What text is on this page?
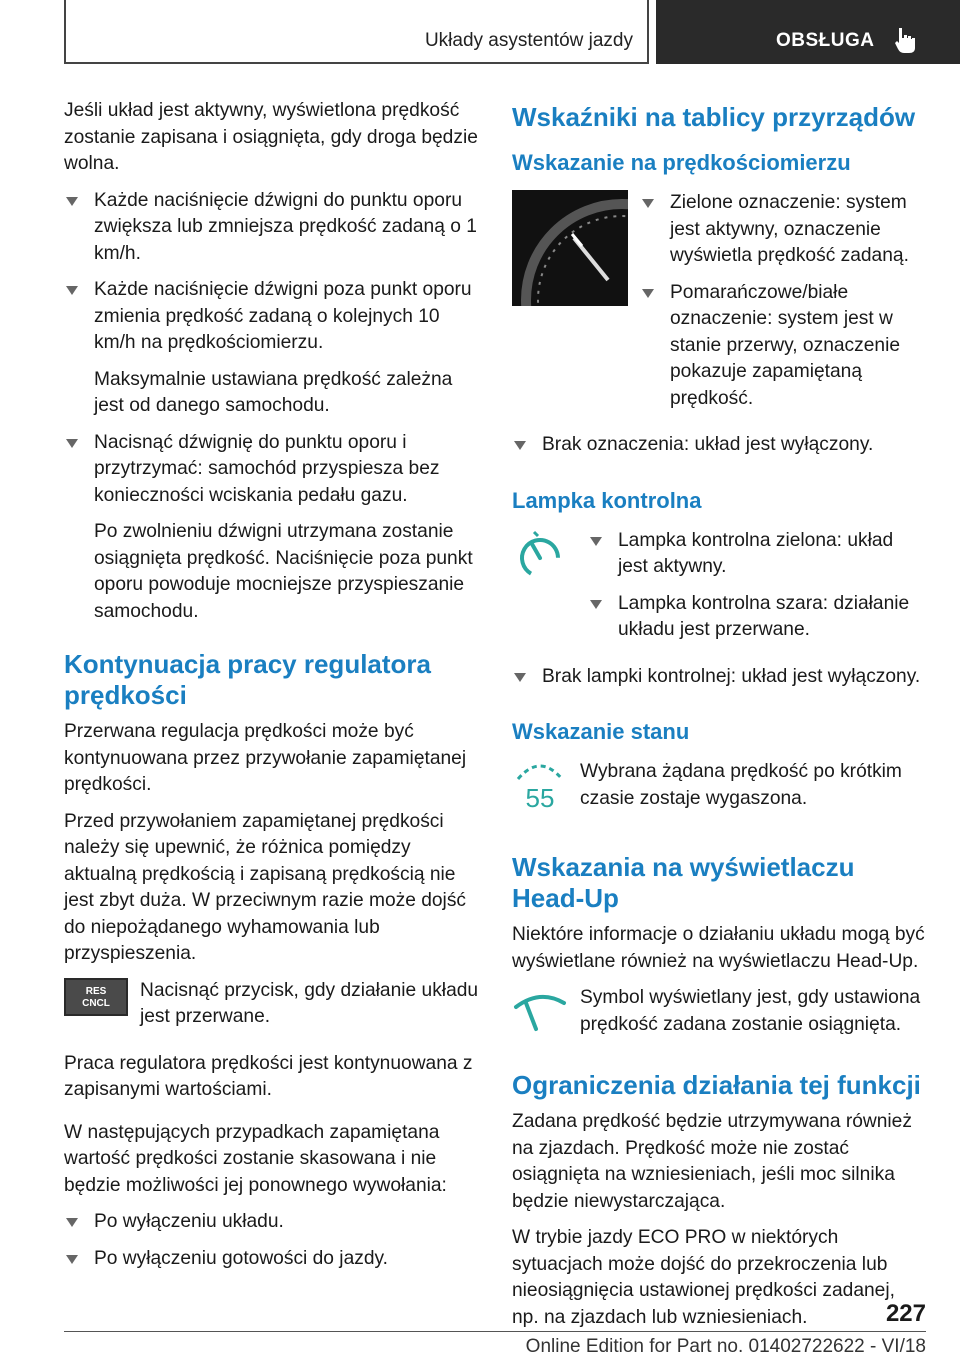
Układy asystentów jazdy	OBSŁUGA

Jeśli układ jest aktywny, wyświetlona prędkość zostanie zapisana i osiągnięta, gdy droga będzie wolna.

Każde naciśnięcie dźwigni do punktu oporu zwiększa lub zmniejsza prędkość zadaną o 1 km/h.
Każde naciśnięcie dźwigni poza punkt oporu zmienia prędkość zadaną o kolejnych 10 km/h na prędkościomierzu.

Maksymalnie ustawiana prędkość zależna jest od danego samochodu.

Nacisnąć dźwignię do punktu oporu i przytrzymać: samochód przyspiesza bez konieczności wciskania pedału gazu.

Po zwolnieniu dźwigni utrzymana zostanie osiągnięta prędkość. Naciśnięcie poza punkt oporu powoduje mocniejsze przyspieszanie samochodu.

Kontynuacja pracy regulatora prędkości

Przerwana regulacja prędkości może być kontynuowana przez przywołanie zapamiętanej prędkości.

Przed przywołaniem zapamiętanej prędkości należy się upewnić, że różnica pomiędzy aktualną prędkością i zapisaną prędkością nie jest zbyt duża. W przeciwnym razie może dojść do niepożądanego wyhamowania lub przyspieszenia.

RES
CNCL

Nacisnąć przycisk, gdy działanie układu jest przerwane.

Praca regulatora prędkości jest kontynuowana z zapisanymi wartościami.

W następujących przypadkach zapamiętana wartość prędkości zostanie skasowana i nie będzie możliwości jej ponownego wywołania:

Po wyłączeniu układu.
Po wyłączeniu gotowości do jazdy.
Wskaźniki na tablicy przyrządów
Wskazanie na prędkościomierzu
Zielone oznaczenie: system jest aktywny, oznaczenie wyświetla prędkość zadaną.
Pomarańczowe/białe oznaczenie: system jest w stanie przerwy, oznaczenie pokazuje zapamiętaną prędkość.
Brak oznaczenia: układ jest wyłączony.
Lampka kontrolna
Lampka kontrolna zielona: układ jest aktywny.
Lampka kontrolna szara: działanie układu jest przerwane.
Brak lampki kontrolnej: układ jest wyłączony.
Wskazanie stanu
55

Wybrana żądana prędkość po krótkim czasie zostaje wygaszona.

Wskazania na wyświetlaczu Head-Up

Niektóre informacje o działaniu układu mogą być wyświetlane również na wyświetlaczu Head-Up.

Symbol wyświetlany jest, gdy ustawiona prędkość zadana zostanie osiągnięta.

Ograniczenia działania tej funkcji

Zadana prędkość będzie utrzymywana również na zjazdach. Prędkość może nie zostać osiągnięta na wzniesieniach, jeśli moc silnika będzie niewystarczająca.

W trybie jazdy ECO PRO w niektórych sytuacjach może dojść do przekroczenia lub nieosiągnięcia ustawionej prędkości zadanej, np. na zjazdach lub wzniesieniach.	227
Online Edition for Part no. 01402722622 - VI/18
